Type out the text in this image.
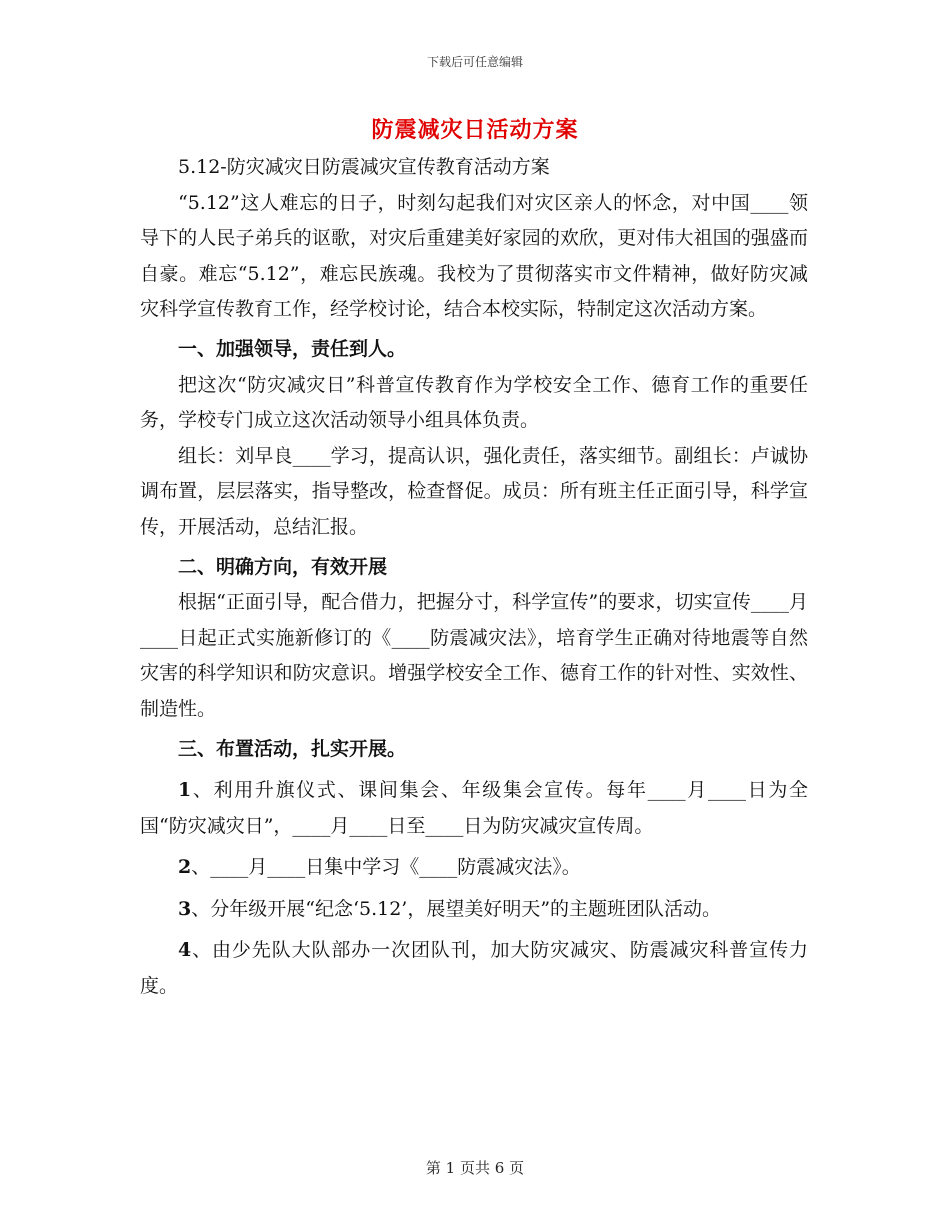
下载后可任意编辑
防震减灾日活动方案

5.12-防灾减灾日防震减灾宣传教育活动方案

“5.12”这人难忘的日子，时刻勾起我们对灾区亲人的怀念，对中国____领导下的人民子弟兵的讴歌，对灾后重建美好家园的欢欣，更对伟大祖国的强盛而自豪。难忘“5.12”，难忘民族魂。我校为了贯彻落实市文件精神，做好防灾减灾科学宣传教育工作，经学校讨论，结合本校实际，特制定这次活动方案。

一、加强领导，责任到人。

把这次“防灾减灾日”科普宣传教育作为学校安全工作、德育工作的重要任务，学校专门成立这次活动领导小组具体负责。

组长：刘早良____学习，提高认识，强化责任，落实细节。副组长：卢诚协调布置，层层落实，指导整改，检查督促。成员：所有班主任正面引导，科学宣传，开展活动，总结汇报。

二、明确方向，有效开展

根据“正面引导，配合借力，把握分寸，科学宣传”的要求，切实宣传____月____日起正式实施新修订的《____防震减灾法》，培育学生正确对待地震等自然灾害的科学知识和防灾意识。增强学校安全工作、德育工作的针对性、实效性、制造性。

三、布置活动，扎实开展。

1、利用升旗仪式、课间集会、年级集会宣传。每年____月____日为全国“防灾减灾日”，____月____日至____日为防灾减灾宣传周。

2、____月____日集中学习《____防震减灾法》。

3、分年级开展“纪念‘5.12’，展望美好明天”的主题班团队活动。

4、由少先队大队部办一次团队刊，加大防灾减灾、防震减灾科普宣传力度。

第 1 页共 6 页
